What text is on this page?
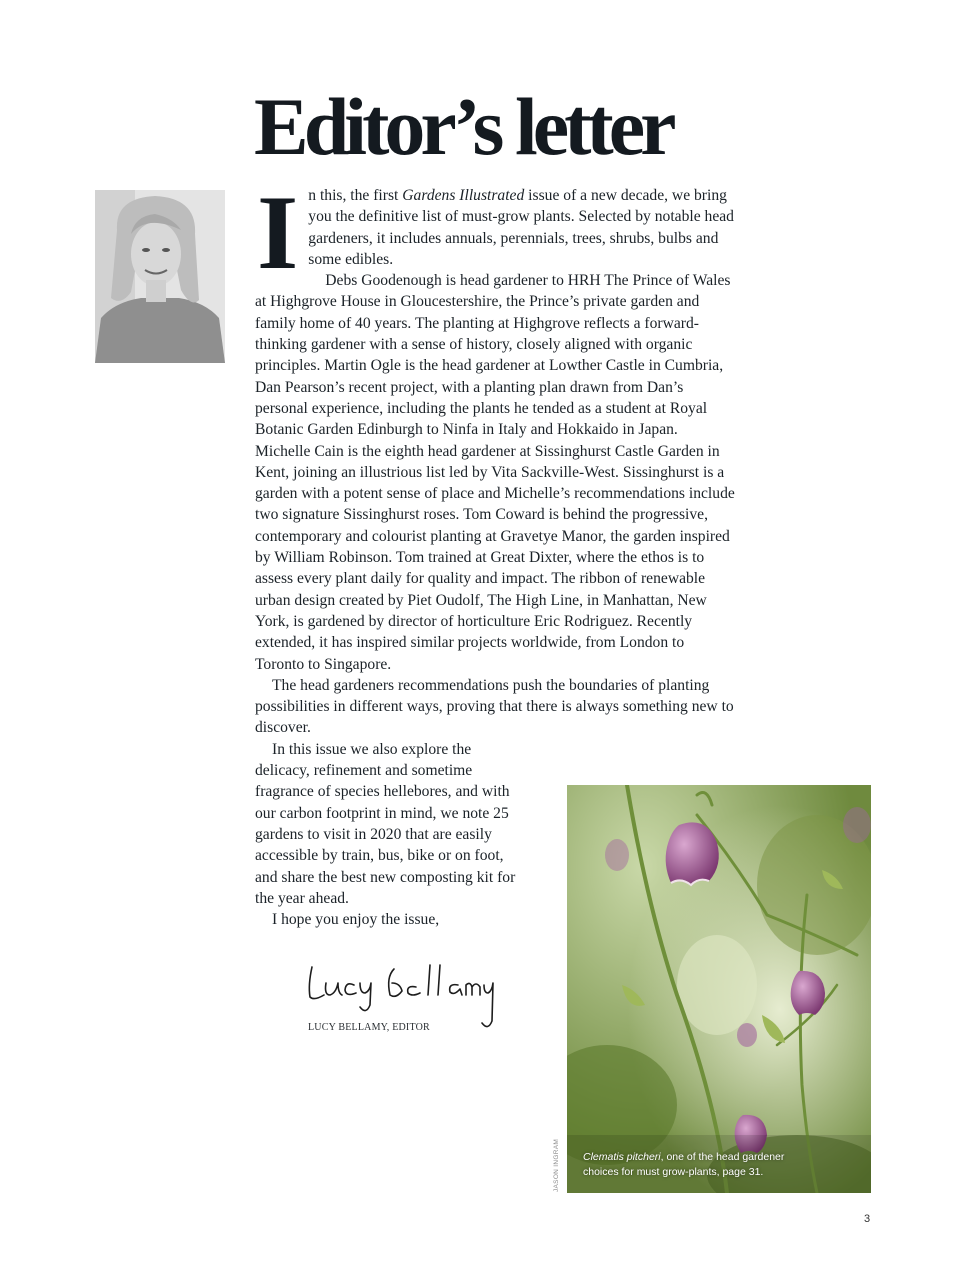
Editor’s letter
I n this, the first Gardens Illustrated issue of a new decade, we bring you the definitive list of must-grow plants. Selected by notable head gardeners, it includes annuals, perennials, trees, shrubs, bulbs and some edibles.

Debs Goodenough is head gardener to HRH The Prince of Wales at Highgrove House in Gloucestershire, the Prince’s private garden and family home of 40 years. The planting at Highgrove reflects a forward-thinking gardener with a sense of history, closely aligned with organic principles. Martin Ogle is the head gardener at Lowther Castle in Cumbria, Dan Pearson’s recent project, with a planting plan drawn from Dan’s personal experience, including the plants he tended as a student at Royal Botanic Garden Edinburgh to Ninfa in Italy and Hokkaido in Japan. Michelle Cain is the eighth head gardener at Sissinghurst Castle Garden in Kent, joining an illustrious list led by Vita Sackville-West. Sissinghurst is a garden with a potent sense of place and Michelle’s recommendations include two signature Sissinghurst roses. Tom Coward is behind the progressive, contemporary and colourist planting at Gravetye Manor, the garden inspired by William Robinson. Tom trained at Great Dixter, where the ethos is to assess every plant daily for quality and impact. The ribbon of renewable urban design created by Piet Oudolf, The High Line, in Manhattan, New York, is gardened by director of horticulture Eric Rodriguez. Recently extended, it has inspired similar projects worldwide, from London to Toronto to Singapore.

The head gardeners recommendations push the boundaries of planting possibilities in different ways, proving that there is always something new to discover.

In this issue we also explore the delicacy, refinement and sometime fragrance of species hellebores, and with our carbon footprint in mind, we note 25 gardens to visit in 2020 that are easily accessible by train, bus, bike or on foot, and share the best new composting kit for the year ahead.

I hope you enjoy the issue,

LUCY BELLAMY, EDITOR
Clematis pitcheri, one of the head gardener choices for must grow-plants, page 31.
JASON INGRAM
3
